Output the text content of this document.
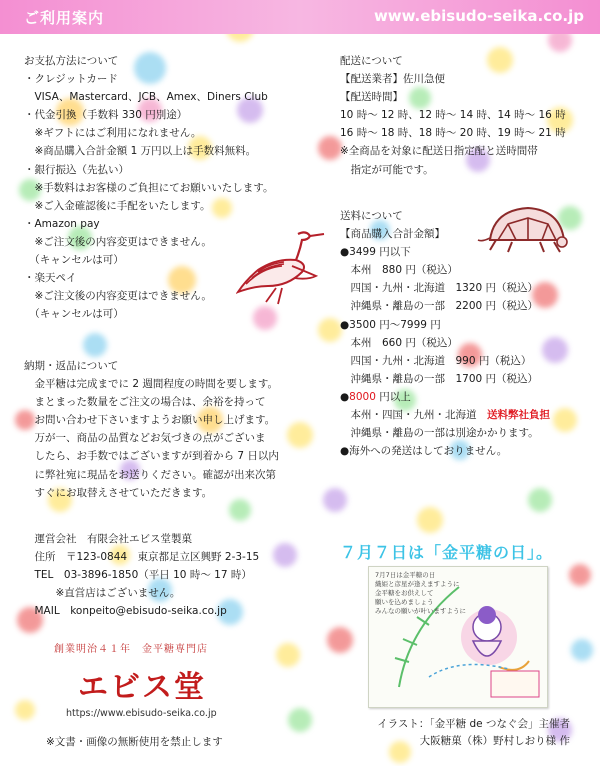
ご利用案内	www.ebisudo-seika.co.jp
お支払方法について
・クレジットカード
　VISA、Mastercard、JCB、Amex、Diners Club
・代金引換（手数料 330 円別途）
　※ギフトにはご利用になれません。
　※商品購入合計金額 1 万円以上は手数料無料。
・銀行振込（先払い）
　※手数料はお客様のご負担にてお願いいたします。
　※ご入金確認後に手配をいたします。
・Amazon pay
　※ご注文後の内容変更はできません。
　（キャンセルは可）
・楽天ペイ
　※ご注文後の内容変更はできません。
　（キャンセルは可）
納期・返品について
　金平糖は完成までに 2 週間程度の時間を要します。
　まとまった数量をご注文の場合は、余裕を持って
　お問い合わせ下さいますようお願い申し上げます。
　万が一、商品の品質などお気づきの点がございま
　したら、お手数ではございますが到着から 7 日以内
　に弊社宛に現品をお送りください。確認が出来次第
　すぐにお取替えさせていただきます。
　運営会社　有限会社エビス堂製菓
　住所　〒123-0844　東京都足立区興野 2-3-15
　TEL　03-3896-1850（平日 10 時～ 17 時）
　　　※直営店はございません。
　MAIL　konpeito@ebisudo-seika.co.jp
創業明治４１年　金平糖専門店
エビス堂
https://www.ebisudo-seika.co.jp
※文書・画像の無断使用を禁止します
配送について
【配送業者】佐川急便
【配送時間】
10 時～ 12 時、12 時～ 14 時、14 時～ 16 時
16 時～ 18 時、18 時～ 20 時、19 時～ 21 時
※全商品を対象に配送日指定配と送時間帯
　指定が可能です。
送料について
【商品購入合計金額】
●3499 円以下
　本州　880 円（税込）
　四国・九州・北海道　1320 円（税込）
　沖縄県・離島の一部　2200 円（税込）
●3500 円～7999 円
　本州　660 円（税込）
　四国・九州・北海道　990 円（税込）
　沖縄県・離島の一部　1700 円（税込）
●8000 円以上
　本州・四国・九州・北海道　送料弊社負担
　沖縄県・離島の一部は別途かかります。
●海外への発送はしておりません。
７月７日は「金平糖の日」。
7月7日は金平糖の日
織姫と彦星が逢えますように
金平糖をお供えして
願いを込めましょう
みんなの願いが叶いますように
イラスト：「金平糖 de つなぐ会」主催者
大阪糖菓（株）野村しおり様 作
